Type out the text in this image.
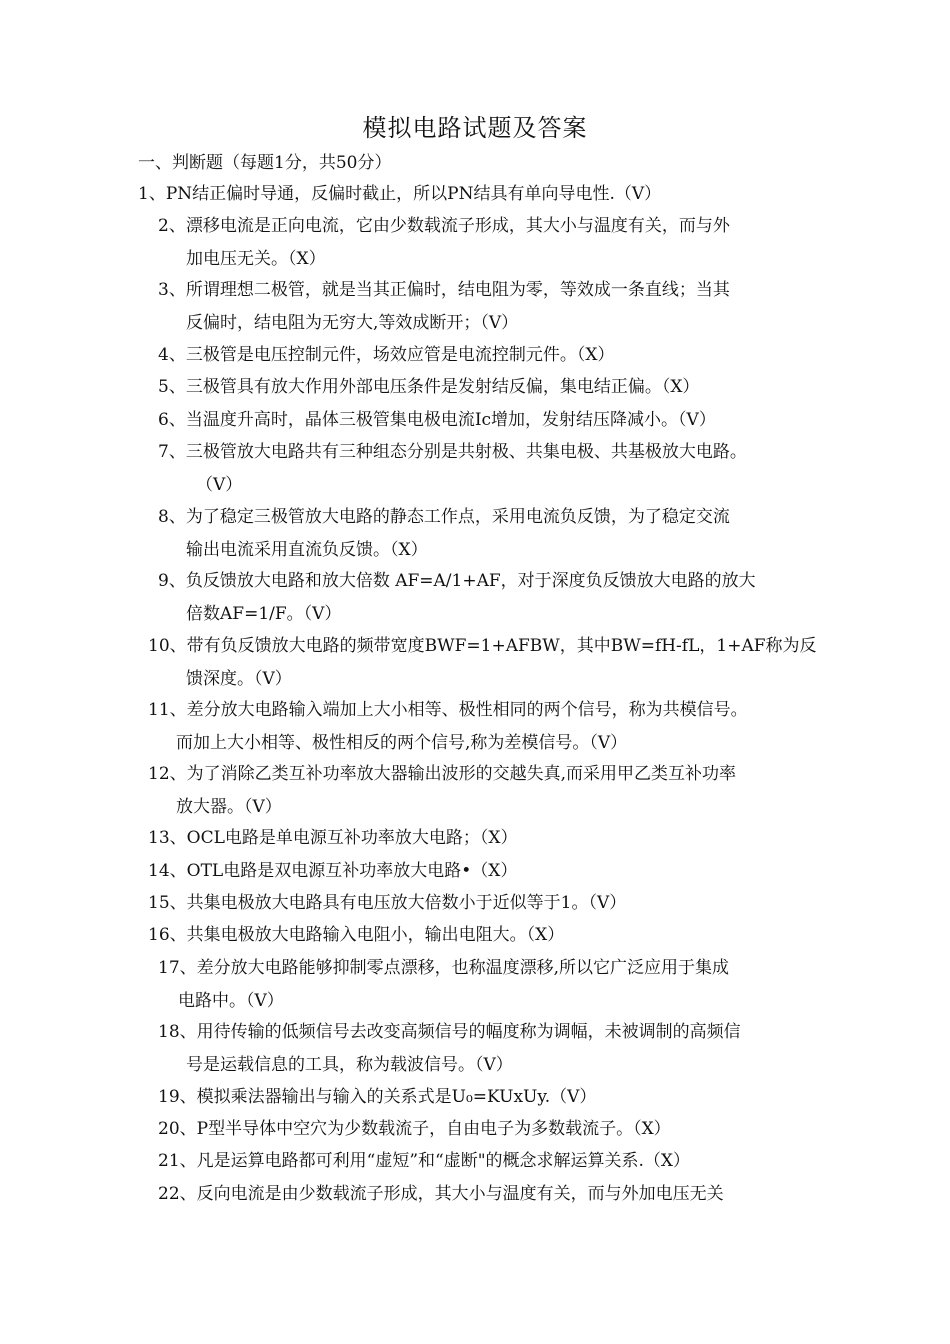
模拟电路试题及答案
一、判断题（每题1分，共50分）
1、PN结正偏时导通，反偏时截止，所以PN结具有单向导电性.（V）
2、漂移电流是正向电流，它由少数载流子形成，其大小与温度有关，而与外
加电压无关。（X）
3、所谓理想二极管，就是当其正偏时，结电阻为零，等效成一条直线；当其
反偏时，结电阻为无穷大,等效成断开；（V）
4、三极管是电压控制元件，场效应管是电流控制元件。（X）
5、三极管具有放大作用外部电压条件是发射结反偏，集电结正偏。（X）
6、当温度升高时，晶体三极管集电极电流Ic增加，发射结压降减小。（V）
7、三极管放大电路共有三种组态分别是共射极、共集电极、共基极放大电路。
（V）
8、为了稳定三极管放大电路的静态工作点，采用电流负反馈，为了稳定交流
输出电流采用直流负反馈。（X）
9、负反馈放大电路和放大倍数 AF=A/1+AF，对于深度负反馈放大电路的放大
倍数AF=1/F。（V）
10、带有负反馈放大电路的频带宽度BWF=1+AFBW，其中BW=fH-fL，1+AF称为反
馈深度。（V）
11、差分放大电路输入端加上大小相等、极性相同的两个信号，称为共模信号。
而加上大小相等、极性相反的两个信号,称为差模信号。（V）
12、为了消除乙类互补功率放大器输出波形的交越失真,而采用甲乙类互补功率
放大器。（V）
13、OCL电路是单电源互补功率放大电路；（X）
14、OTL电路是双电源互补功率放大电路•（X）
15、共集电极放大电路具有电压放大倍数小于近似等于1。（V）
16、共集电极放大电路输入电阻小，输出电阻大。（X）
17、差分放大电路能够抑制零点漂移，也称温度漂移,所以它广泛应用于集成
电路中。（V）
18、用待传输的低频信号去改变高频信号的幅度称为调幅，未被调制的高频信
号是运载信息的工具，称为载波信号。（V）
19、模拟乘法器输出与输入的关系式是U₀=KUxUy.（V）
20、P型半导体中空穴为少数载流子，自由电子为多数载流子。（X）
21、凡是运算电路都可利用“虚短”和“虚断"的概念求解运算关系.（X）
22、反向电流是由少数载流子形成，其大小与温度有关，而与外加电压无关
